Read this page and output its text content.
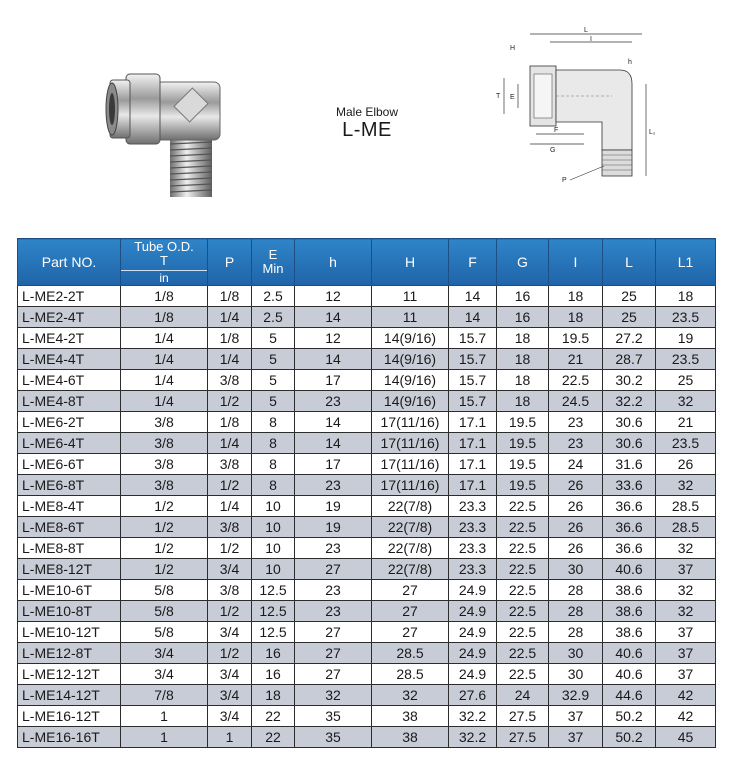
Male Elbow
L-ME
L
I
H
h
T E
F
G
L₁
P
Part NO.	Tube O.D.
T
in	P	E
Min	h	H	F	G	I	L	L1
L-ME2-2T	1/8	1/8	2.5	12	11	14	16	18	25	18
L-ME2-4T	1/8	1/4	2.5	14	11	14	16	18	25	23.5
L-ME4-2T	1/4	1/8	5	12	14(9/16)	15.7	18	19.5	27.2	19
L-ME4-4T	1/4	1/4	5	14	14(9/16)	15.7	18	21	28.7	23.5
L-ME4-6T	1/4	3/8	5	17	14(9/16)	15.7	18	22.5	30.2	25
L-ME4-8T	1/4	1/2	5	23	14(9/16)	15.7	18	24.5	32.2	32
L-ME6-2T	3/8	1/8	8	14	17(11/16)	17.1	19.5	23	30.6	21
L-ME6-4T	3/8	1/4	8	14	17(11/16)	17.1	19.5	23	30.6	23.5
L-ME6-6T	3/8	3/8	8	17	17(11/16)	17.1	19.5	24	31.6	26
L-ME6-8T	3/8	1/2	8	23	17(11/16)	17.1	19.5	26	33.6	32
L-ME8-4T	1/2	1/4	10	19	22(7/8)	23.3	22.5	26	36.6	28.5
L-ME8-6T	1/2	3/8	10	19	22(7/8)	23.3	22.5	26	36.6	28.5
L-ME8-8T	1/2	1/2	10	23	22(7/8)	23.3	22.5	26	36.6	32
L-ME8-12T	1/2	3/4	10	27	22(7/8)	23.3	22.5	30	40.6	37
L-ME10-6T	5/8	3/8	12.5	23	27	24.9	22.5	28	38.6	32
L-ME10-8T	5/8	1/2	12.5	23	27	24.9	22.5	28	38.6	32
L-ME10-12T	5/8	3/4	12.5	27	27	24.9	22.5	28	38.6	37
L-ME12-8T	3/4	1/2	16	27	28.5	24.9	22.5	30	40.6	37
L-ME12-12T	3/4	3/4	16	27	28.5	24.9	22.5	30	40.6	37
L-ME14-12T	7/8	3/4	18	32	32	27.6	24	32.9	44.6	42
L-ME16-12T	1	3/4	22	35	38	32.2	27.5	37	50.2	42
L-ME16-16T	1	1	22	35	38	32.2	27.5	37	50.2	45
